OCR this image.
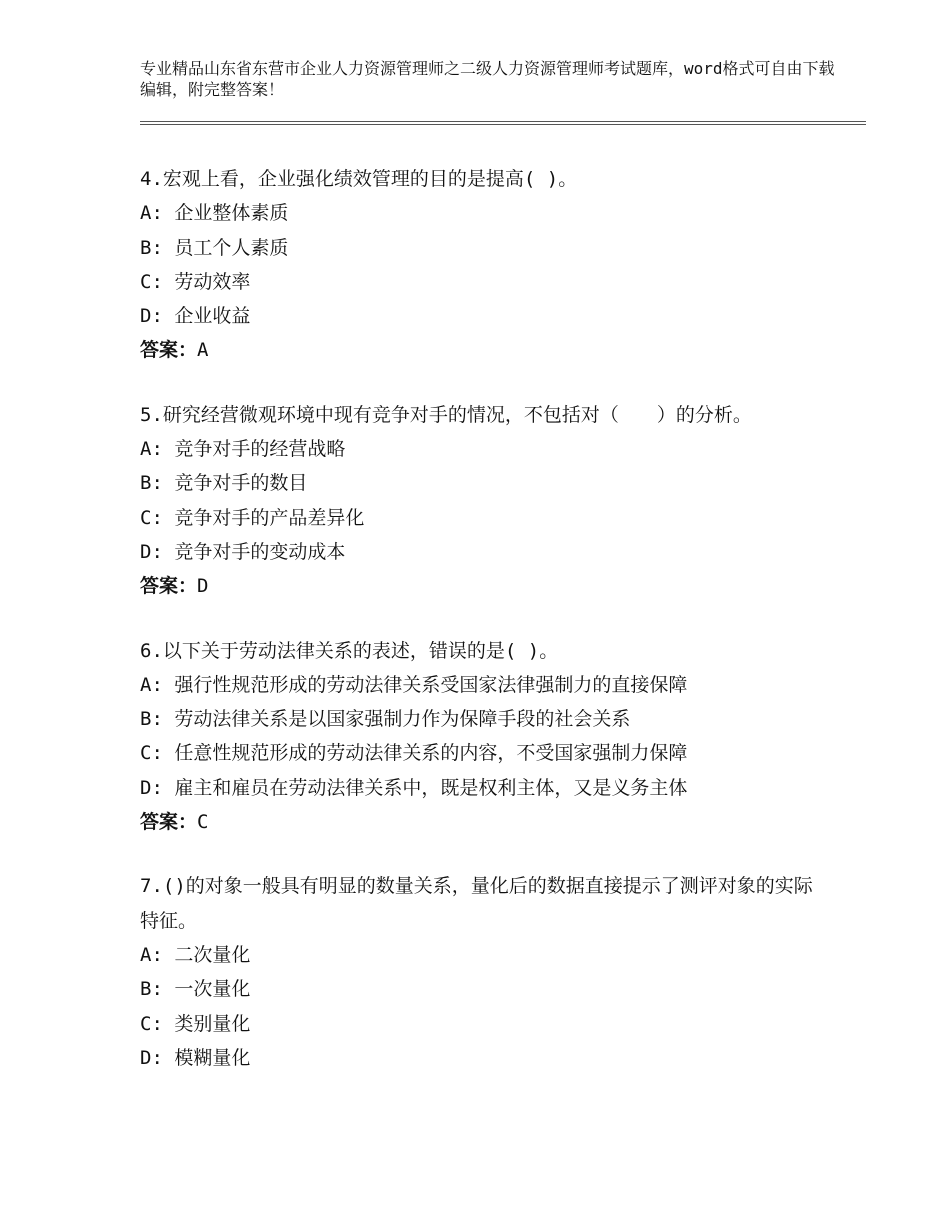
专业精品山东省东营市企业人力资源管理师之二级人力资源管理师考试题库，word格式可自由下载编辑，附完整答案！
4.宏观上看，企业强化绩效管理的目的是提高( )。
A: 企业整体素质
B: 员工个人素质
C: 劳动效率
D: 企业收益
答案：A
5.研究经营微观环境中现有竞争对手的情况，不包括对（　　）的分析。
A: 竞争对手的经营战略
B: 竞争对手的数目
C: 竞争对手的产品差异化
D: 竞争对手的变动成本
答案：D
6.以下关于劳动法律关系的表述，错误的是( )。
A: 强行性规范形成的劳动法律关系受国家法律强制力的直接保障
B: 劳动法律关系是以国家强制力作为保障手段的社会关系
C: 任意性规范形成的劳动法律关系的内容，不受国家强制力保障
D: 雇主和雇员在劳动法律关系中，既是权利主体，又是义务主体
答案：C
7.()的对象一般具有明显的数量关系，量化后的数据直接提示了测评对象的实际特征。
A: 二次量化
B: 一次量化
C: 类别量化
D: 模糊量化
